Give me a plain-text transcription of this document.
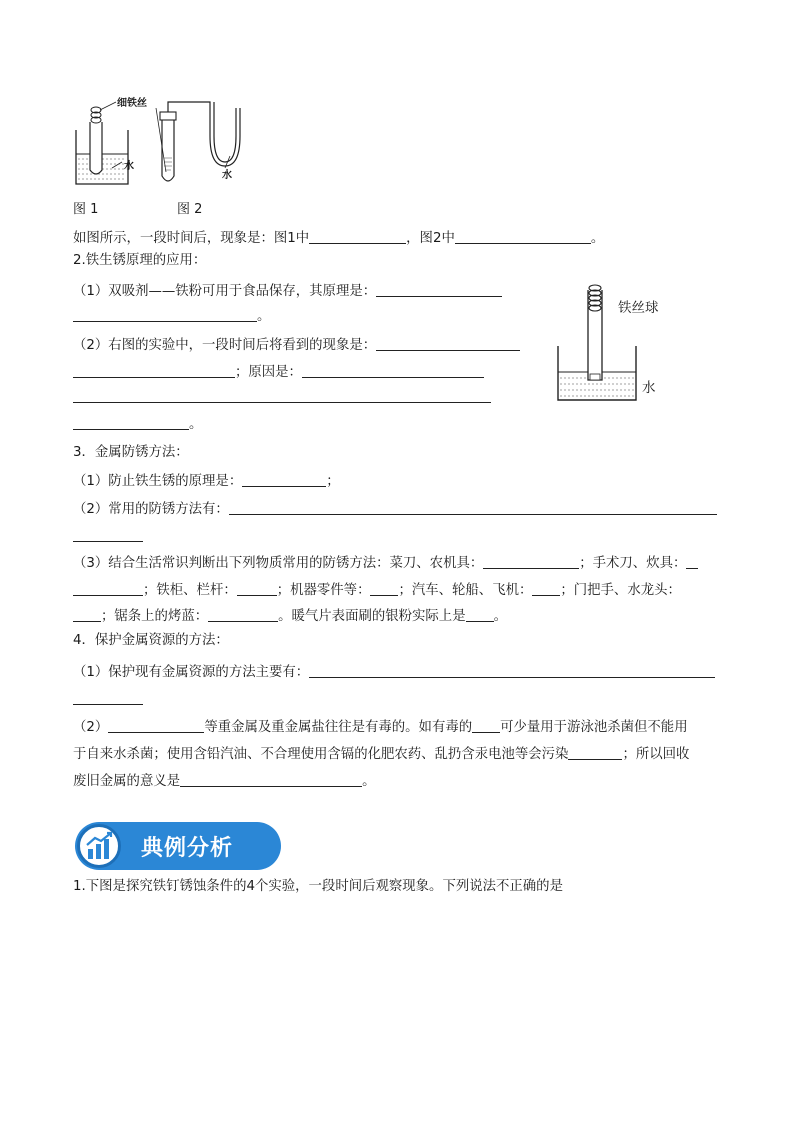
细铁丝
水
水
图 1	图 2
如图所示，一段时间后，现象是：图1中	，图2中	。
2.铁生锈原理的应用：
（1）双吸剂——铁粉可用于食品保存，其原理是：
。
（2）右图的实验中，一段时间后将看到的现象是：
；原因是：
。
铁丝球
水
3．金属防锈方法：
（1）防止铁生锈的原理是：	；
（2）常用的防锈方法有：
（3）结合生活常识判断出下列物质常用的防锈方法：菜刀、农机具：	；手术刀、炊具：
；铁柜、栏杆：	；机器零件等： ；汽车、轮船、飞机： ；门把手、水龙头：
；锯条上的烤蓝：	。暖气片表面刷的银粉实际上是 。
4．保护金属资源的方法：
（1）保护现有金属资源的方法主要有：
（2）	等重金属及重金属盐往往是有毒的。如有毒的 可少量用于游泳池杀菌但不能用
于自来水杀菌；使用含铅汽油、不合理使用含镉的化肥农药、乱扔含汞电池等会污染	；所以回收
废旧金属的意义是	。
典例分析
1.下图是探究铁钉锈蚀条件的4个实验，一段时间后观察现象。下列说法不正确的是
